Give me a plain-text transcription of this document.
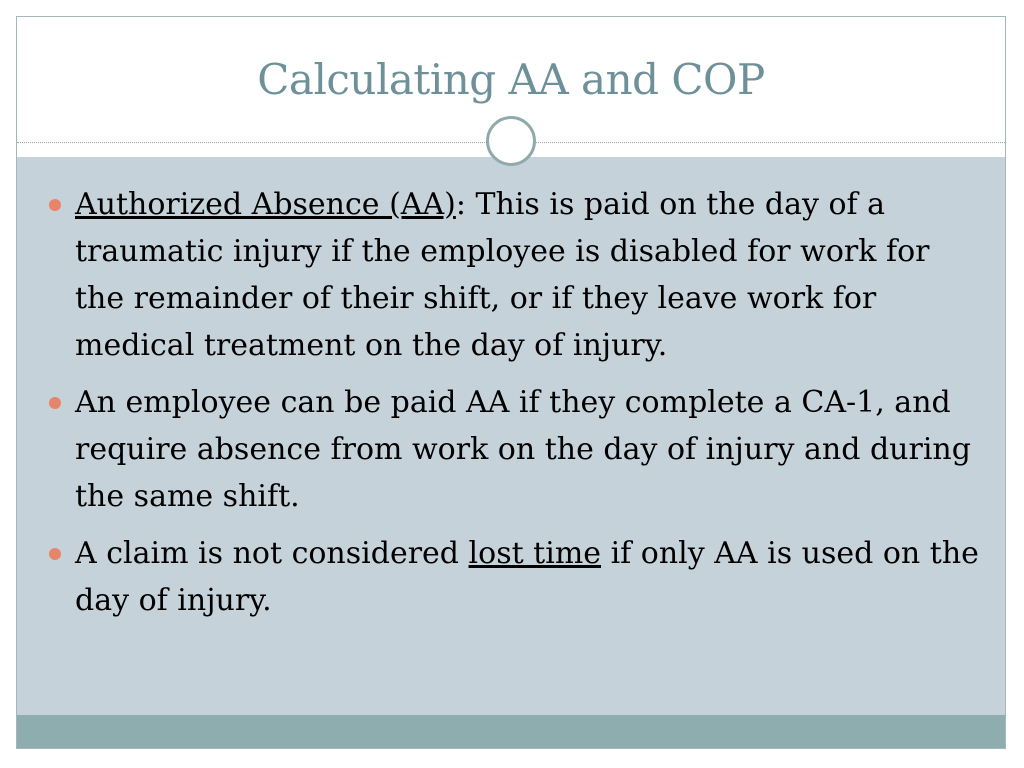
Calculating AA and COP
Authorized Absence (AA): This is paid on the day of a traumatic injury if the employee is disabled for work for the remainder of their shift, or if they leave work for medical treatment on the day of injury.
An employee can be paid AA if they complete a CA-1, and require absence from work on the day of injury and during the same shift.
A claim is not considered lost time if only AA is used on the day of injury.
